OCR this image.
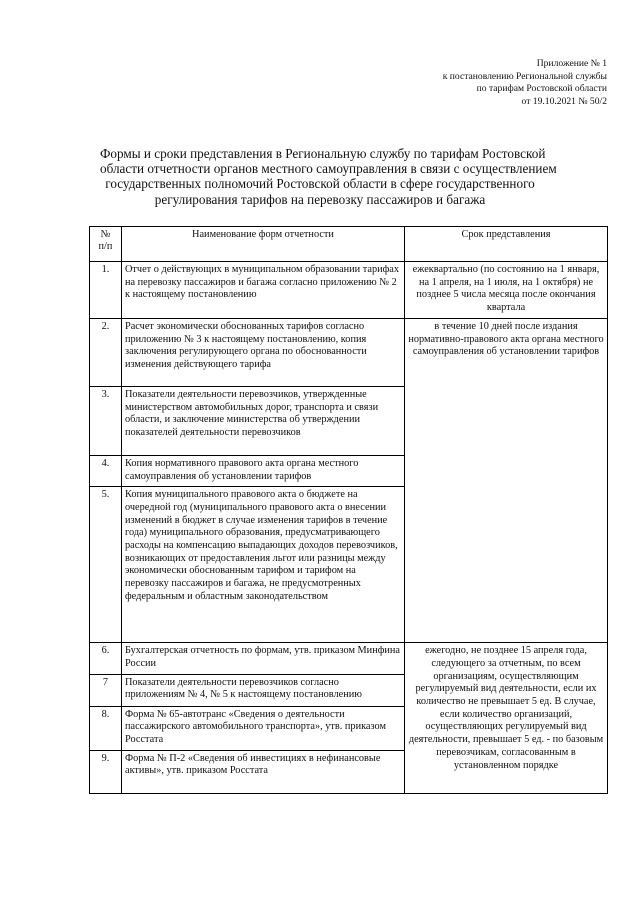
Приложение № 1
к постановлению Региональной службы
по тарифам Ростовской области
от 19.10.2021 № 50/2
Формы и сроки представления в Региональную службу по тарифам Ростовской
области отчетности органов местного самоуправления в связи с осуществлением
государственных полномочий Ростовской области в сфере государственного
регулирования тарифов на перевозку пассажиров и багажа
№
п/п	Наименование форм отчетности	Срок представления
1.	Отчет о действующих в муниципальном образовании тарифах на перевозку пассажиров и багажа согласно приложению № 2 к настоящему постановлению	ежеквартально (по состоянию на 1 января, на 1 апреля, на 1 июля, на 1 октября) не позднее 5 числа месяца после окончания квартала
2.	Расчет экономически обоснованных тарифов согласно приложению № 3 к настоящему постановлению, копия заключения регулирующего органа по обоснованности изменения действующего тарифа	в течение 10 дней после издания нормативно-правового акта органа местного самоуправления об установлении тарифов
3.	Показатели деятельности перевозчиков, утвержденные министерством автомобильных дорог, транспорта и связи области, и заключение министерства об утверждении показателей деятельности перевозчиков	
4.	Копия нормативного правового акта органа местного самоуправления об установлении тарифов	
5.	Копия муниципального правового акта о бюджете на очередной год (муниципального правового акта о внесении изменений в бюджет в случае изменения тарифов в течение года) муниципального образования, предусматривающего расходы на компенсацию выпадающих доходов перевозчиков, возникающих от предоставления льгот или разницы между экономически обоснованным тарифом и тарифом на перевозку пассажиров и багажа, не предусмотренных федеральным и областным законодательством	
6.	Бухгалтерская отчетность по формам, утв. приказом Минфина России	ежегодно, не позднее 15 апреля года, следующего за отчетным, по всем организациям, осуществляющим регулируемый вид деятельности, если их количество не превышает 5 ед. В случае, если количество организаций, осуществляющих регулируемый вид деятельности, превышает 5 ед. - по базовым перевозчикам, согласованным в установленном порядке
7	Показатели деятельности перевозчиков согласно приложениям № 4, № 5 к настоящему постановлению	
8.	Форма № 65-автотранс «Сведения о деятельности пассажирского автомобильного транспорта», утв. приказом Росстата	
9.	Форма № П-2 «Сведения об инвестициях в нефинансовые активы», утв. приказом Росстата	
